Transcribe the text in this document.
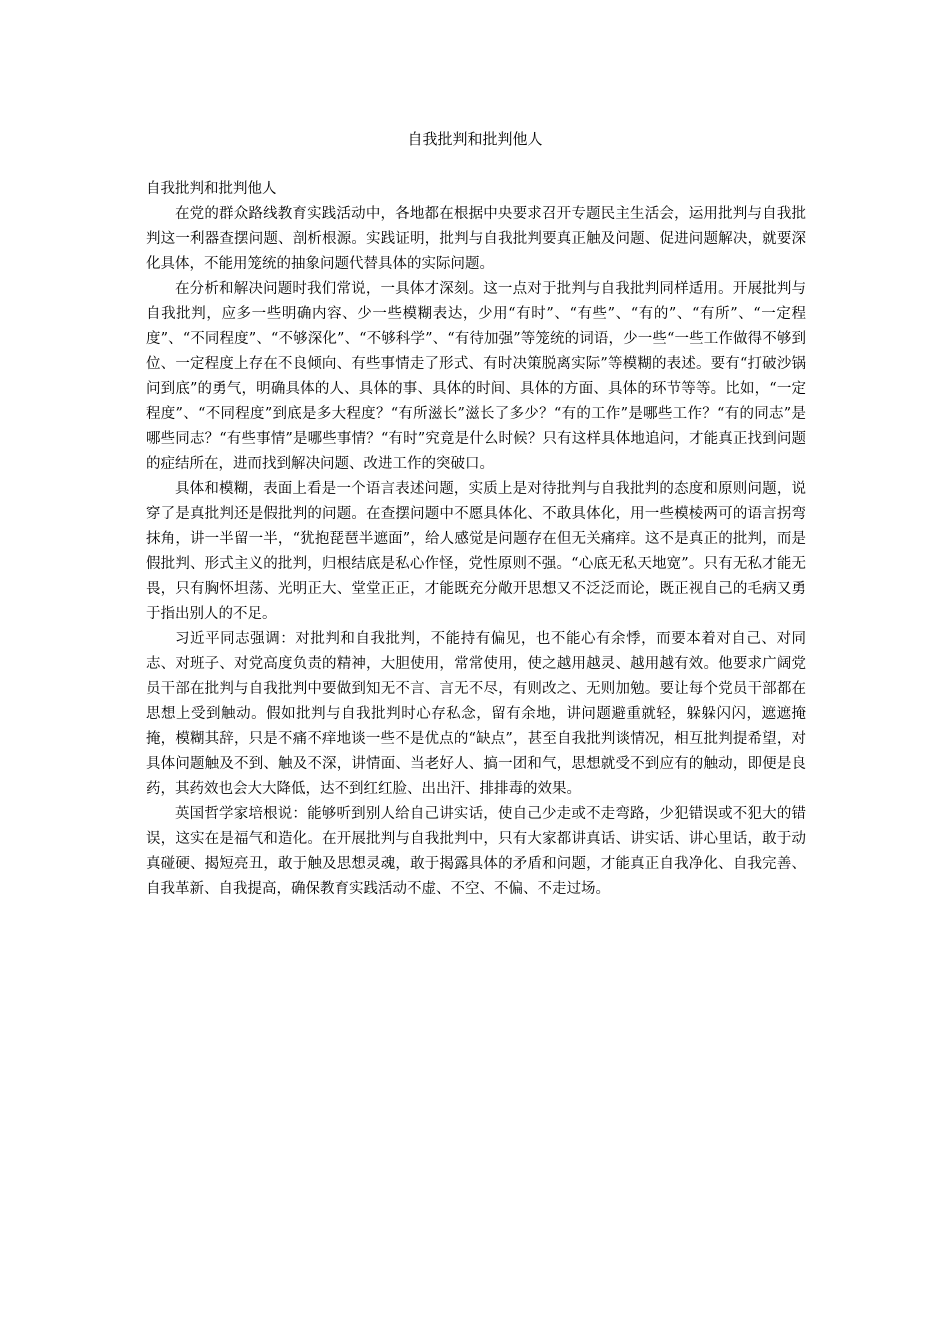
自我批判和批判他人

自我批判和批判他人

在党的群众路线教育实践活动中，各地都在根据中央要求召开专题民主生活会，运用批判与自我批判这一利器查摆问题、剖析根源。实践证明，批判与自我批判要真正触及问题、促进问题解决，就要深化具体，不能用笼统的抽象问题代替具体的实际问题。

在分析和解决问题时我们常说，一具体才深刻。这一点对于批判与自我批判同样适用。开展批判与自我批判，应多一些明确内容、少一些模糊表达，少用“有时”、“有些”、“有的”、“有所”、“一定程度”、“不同程度”、“不够深化”、“不够科学”、“有待加强”等笼统的词语，少一些“一些工作做得不够到位、一定程度上存在不良倾向、有些事情走了形式、有时决策脱离实际”等模糊的表述。要有“打破沙锅问到底”的勇气，明确具体的人、具体的事、具体的时间、具体的方面、具体的环节等等。比如，“一定程度”、“不同程度”到底是多大程度？“有所滋长”滋长了多少？“有的工作”是哪些工作？“有的同志”是哪些同志？“有些事情”是哪些事情？“有时”究竟是什么时候？只有这样具体地追问，才能真正找到问题的症结所在，进而找到解决问题、改进工作的突破口。

具体和模糊，表面上看是一个语言表述问题，实质上是对待批判与自我批判的态度和原则问题，说穿了是真批判还是假批判的问题。在查摆问题中不愿具体化、不敢具体化，用一些模棱两可的语言拐弯抹角，讲一半留一半，“犹抱琵琶半遮面”，给人感觉是问题存在但无关痛痒。这不是真正的批判，而是假批判、形式主义的批判，归根结底是私心作怪，党性原则不强。“心底无私天地宽”。只有无私才能无畏，只有胸怀坦荡、光明正大、堂堂正正，才能既充分敞开思想又不泛泛而论，既正视自己的毛病又勇于指出别人的不足。

习近平同志强调：对批判和自我批判，不能持有偏见，也不能心有余悸，而要本着对自己、对同志、对班子、对党高度负责的精神，大胆使用，常常使用，使之越用越灵、越用越有效。他要求广阔党员干部在批判与自我批判中要做到知无不言、言无不尽，有则改之、无则加勉。要让每个党员干部都在思想上受到触动。假如批判与自我批判时心存私念，留有余地，讲问题避重就轻，躲躲闪闪，遮遮掩掩，模糊其辞，只是不痛不痒地谈一些不是优点的“缺点”，甚至自我批判谈情况，相互批判提希望，对具体问题触及不到、触及不深，讲情面、当老好人、搞一团和气，思想就受不到应有的触动，即便是良药，其药效也会大大降低，达不到红红脸、出出汗、排排毒的效果。

英国哲学家培根说：能够听到别人给自己讲实话，使自己少走或不走弯路，少犯错误或不犯大的错误，这实在是福气和造化。在开展批判与自我批判中，只有大家都讲真话、讲实话、讲心里话，敢于动真碰硬、揭短亮丑，敢于触及思想灵魂，敢于揭露具体的矛盾和问题，才能真正自我净化、自我完善、自我革新、自我提高，确保教育实践活动不虚、不空、不偏、不走过场。
